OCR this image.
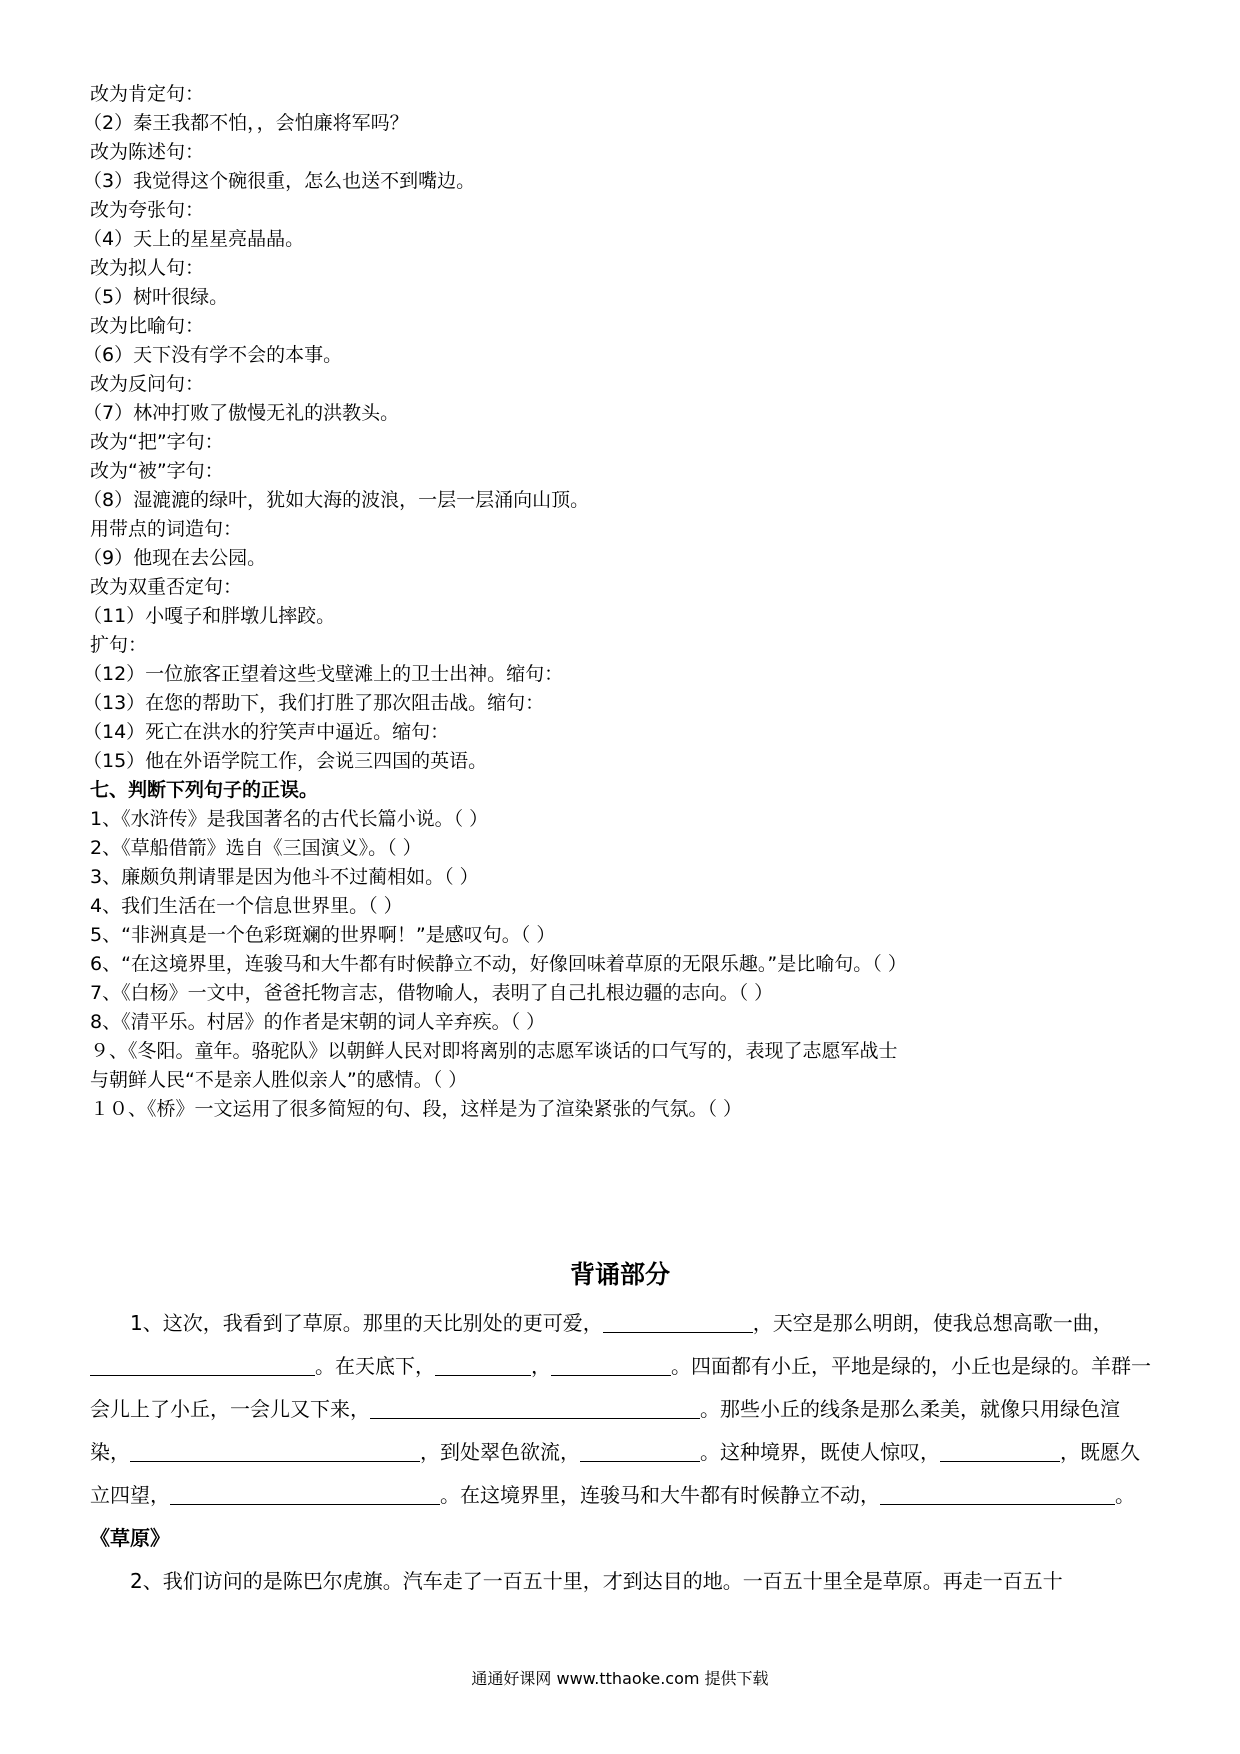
改为肯定句：
（2）秦王我都不怕，，会怕廉将军吗？
改为陈述句：
（3）我觉得这个碗很重，怎么也送不到嘴边。
改为夸张句：
（4）天上的星星亮晶晶。
改为拟人句：
（5）树叶很绿。
改为比喻句：
（6）天下没有学不会的本事。
改为反问句：
（7）林冲打败了傲慢无礼的洪教头。
改为“把”字句：
改为“被”字句：
（8）湿漉漉的绿叶，犹如大海的波浪，一层一层涌向山顶。
用带点的词造句：
（9）他现在去公园。
改为双重否定句：
（11）小嘎子和胖墩儿摔跤。
扩句：
（12）一位旅客正望着这些戈壁滩上的卫士出神。缩句：
（13）在您的帮助下，我们打胜了那次阻击战。缩句：
（14）死亡在洪水的狞笑声中逼近。缩句：
（15）他在外语学院工作，会说三四国的英语。
七、判断下列句子的正误。
1、《水浒传》是我国著名的古代长篇小说。（ ）
2、《草船借箭》选自《三国演义》。（ ）
3、廉颇负荆请罪是因为他斗不过蔺相如。（ ）
4、我们生活在一个信息世界里。（ ）
5、“非洲真是一个色彩斑斓的世界啊！”是感叹句。（ ）
6、“在这境界里，连骏马和大牛都有时候静立不动，好像回味着草原的无限乐趣。”是比喻句。（ ）
7、《白杨》一文中，爸爸托物言志，借物喻人，表明了自己扎根边疆的志向。（ ）
8、《清平乐。村居》的作者是宋朝的词人辛弃疾。（ ）
９、《冬阳。童年。骆驼队》以朝鲜人民对即将离别的志愿军谈话的口气写的，表现了志愿军战士
与朝鲜人民“不是亲人胜似亲人”的感情。（ ）
１０、《桥》一文运用了很多简短的句、段，这样是为了渲染紧张的气氛。（ ）
背诵部分
1、这次，我看到了草原。那里的天比别处的更可爱，	，天空是那么明朗，使我总想高歌一曲，。在天底下，	，	。四面都有小丘，平地是绿的，小丘也是绿的。羊群一会儿上了小丘，一会儿又下来，	。那些小丘的线条是那么柔美，就像只用绿色渲染，	，到处翠色欲流，	。这种境界，既使人惊叹，	，既愿久立四望，	。在这境界里，连骏马和大牛都有时候静立不动，	。《草原》
2、我们访问的是陈巴尔虎旗。汽车走了一百五十里，才到达目的地。一百五十里全是草原。再走一百五十
通通好课网 www.tthaoke.com 提供下载
